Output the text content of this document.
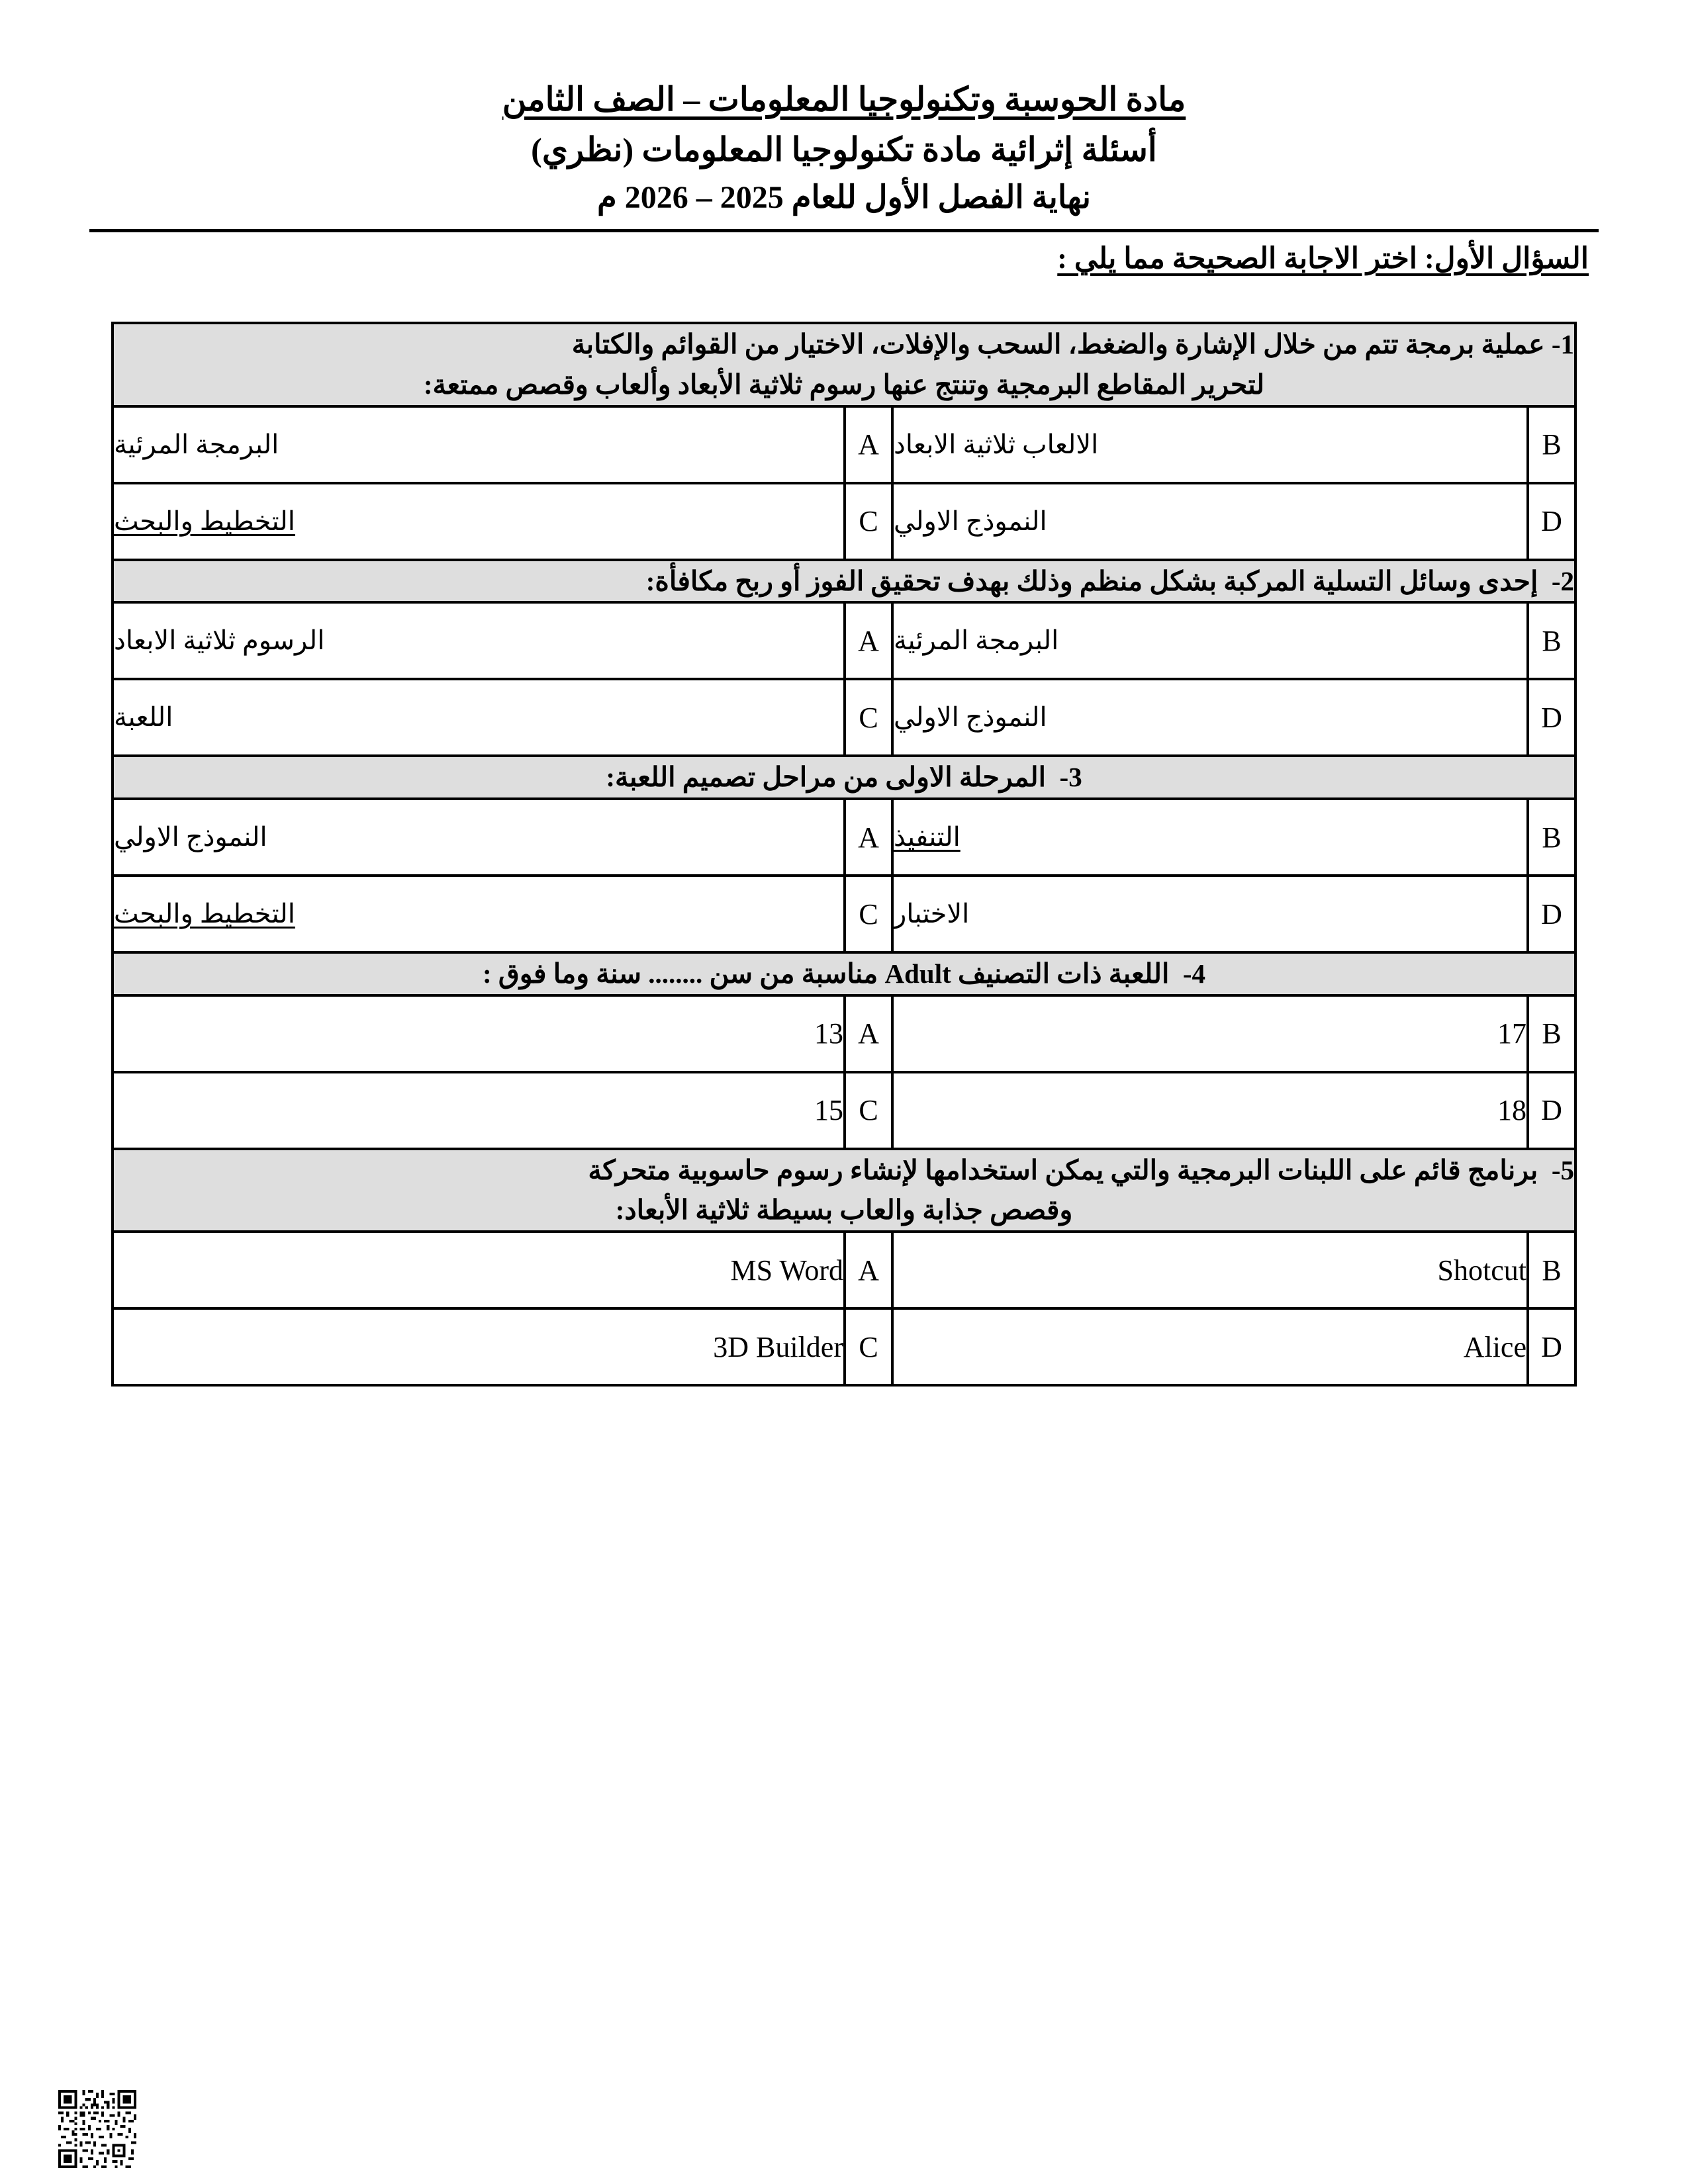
مادة الحوسبة وتكنولوجيا المعلومات – الصف الثامن
أسئلة إثرائية مادة تكنولوجيا المعلومات (نظري)
نهاية الفصل الأول للعام 2025 – 2026 م
السؤال الأول: اختر الاجابة الصحيحة مما يلي :
1- عملية برمجة تتم من خلال الإشارة والضغط، السحب والإفلات، الاختيار من القوائم والكتابة
لتحرير المقاطع البرمجية وتنتج عنها رسوم ثلاثية الأبعاد وألعاب وقصص ممتعة:			

B	الالعاب ثلاثية الابعاد	A	البرمجة المرئية
D	النموذج الاولي	C	التخطيط والبحث

2-  إحدى وسائل التسلية المركبة بشكل منظم وذلك بهدف تحقيق الفوز أو ربح مكافأة:			

B	البرمجة المرئية	A	الرسوم ثلاثية الابعاد
D	النموذج الاولي	C	اللعبة

3-  المرحلة الاولى من مراحل تصميم اللعبة:			

B	التنفيذ	A	النموذج الاولي
D	الاختبار	C	التخطيط والبحث

4-  اللعبة ذات التصنيف Adult مناسبة من سن ........ سنة وما فوق :			

B	17	A	13
D	18	C	15

5-  برنامج قائم على اللبنات البرمجية والتي يمكن استخدامها لإنشاء رسوم حاسوبية متحركة
وقصص جذابة والعاب بسيطة ثلاثية الأبعاد:			

B	Shotcut	A	MS Word
D	Alice	C	3D Builder
